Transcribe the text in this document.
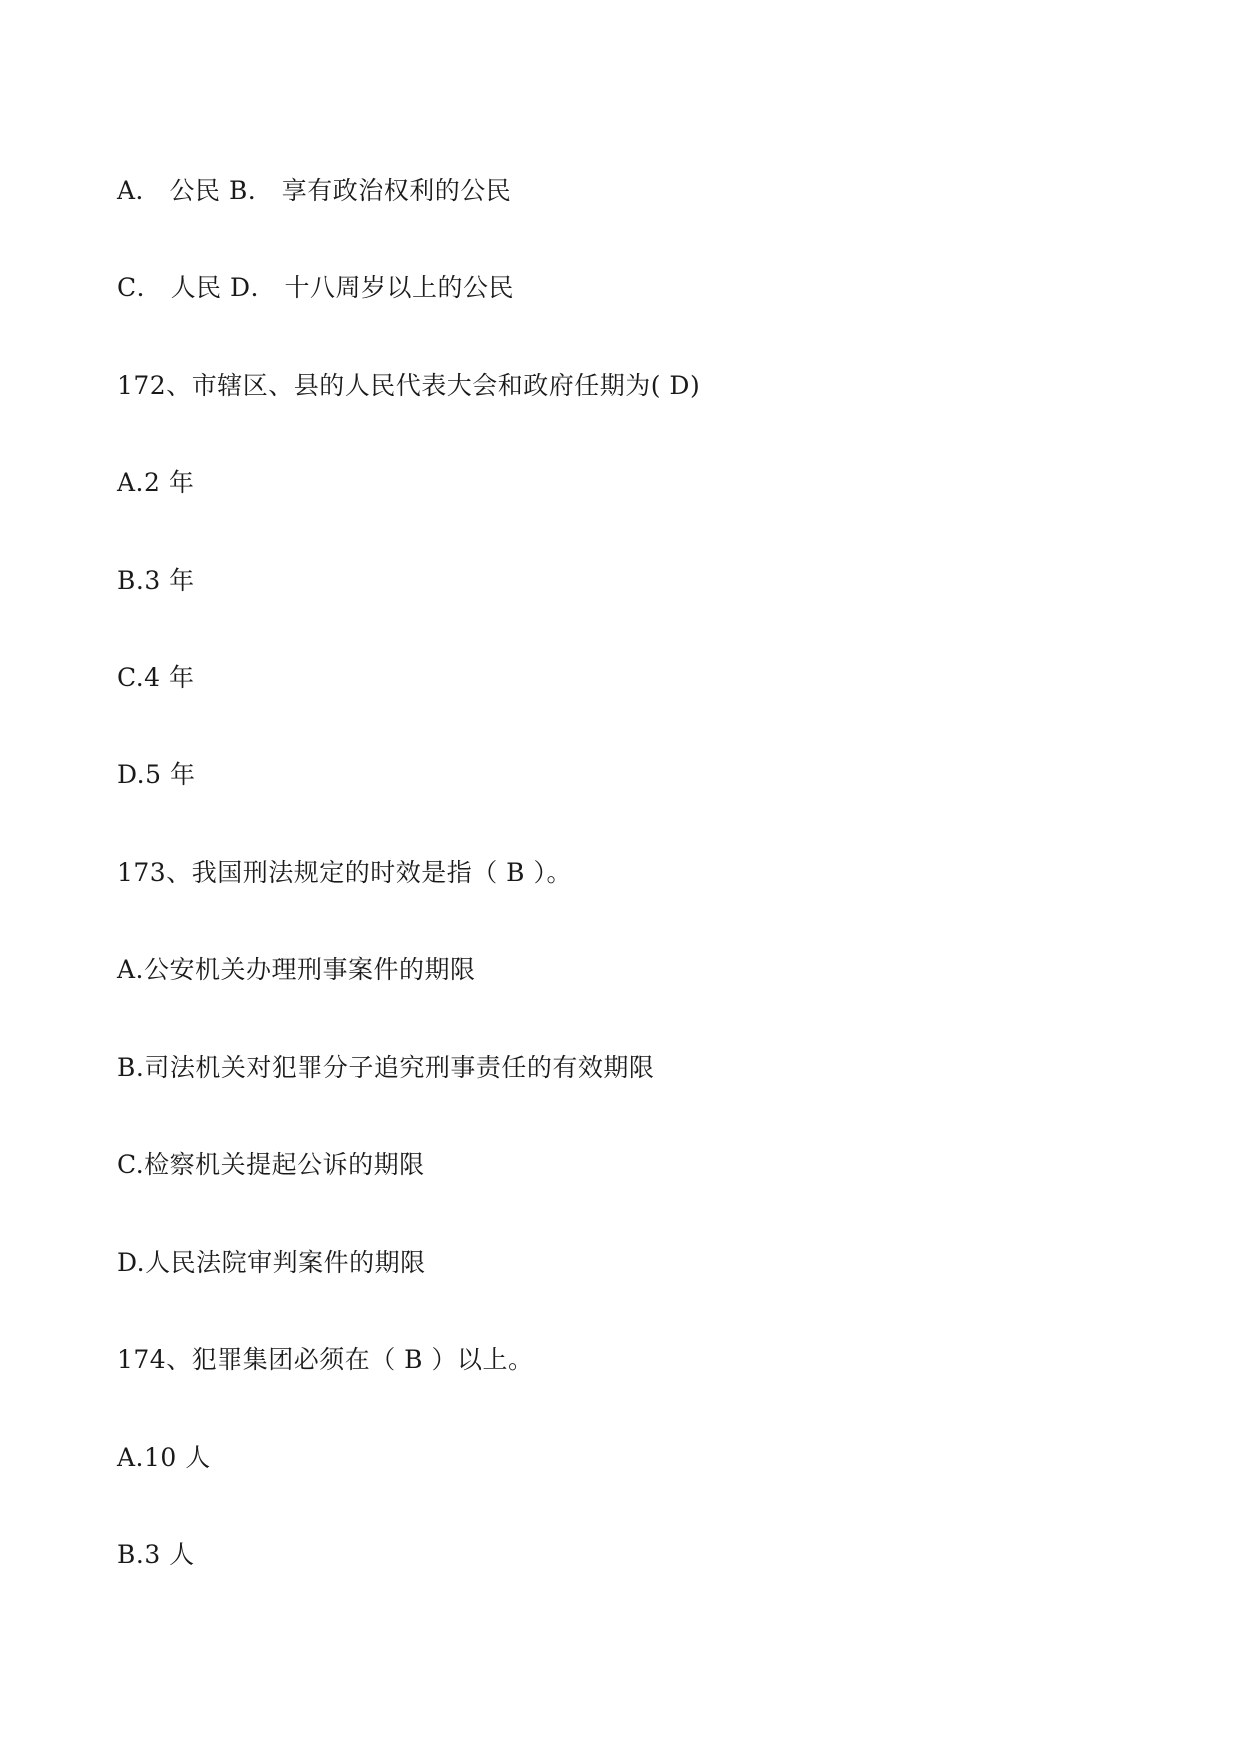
A． 公民 B． 享有政治权利的公民

C． 人民 D． 十八周岁以上的公民

172、市辖区、县的人民代表大会和政府任期为( D)

A.2 年

B.3 年

C.4 年

D.5 年

173、我国刑法规定的时效是指（ B ）。

A.公安机关办理刑事案件的期限

B.司法机关对犯罪分子追究刑事责任的有效期限

C.检察机关提起公诉的期限

D.人民法院审判案件的期限

174、犯罪集团必须在（ B ）以上。

A.10 人

B.3 人
